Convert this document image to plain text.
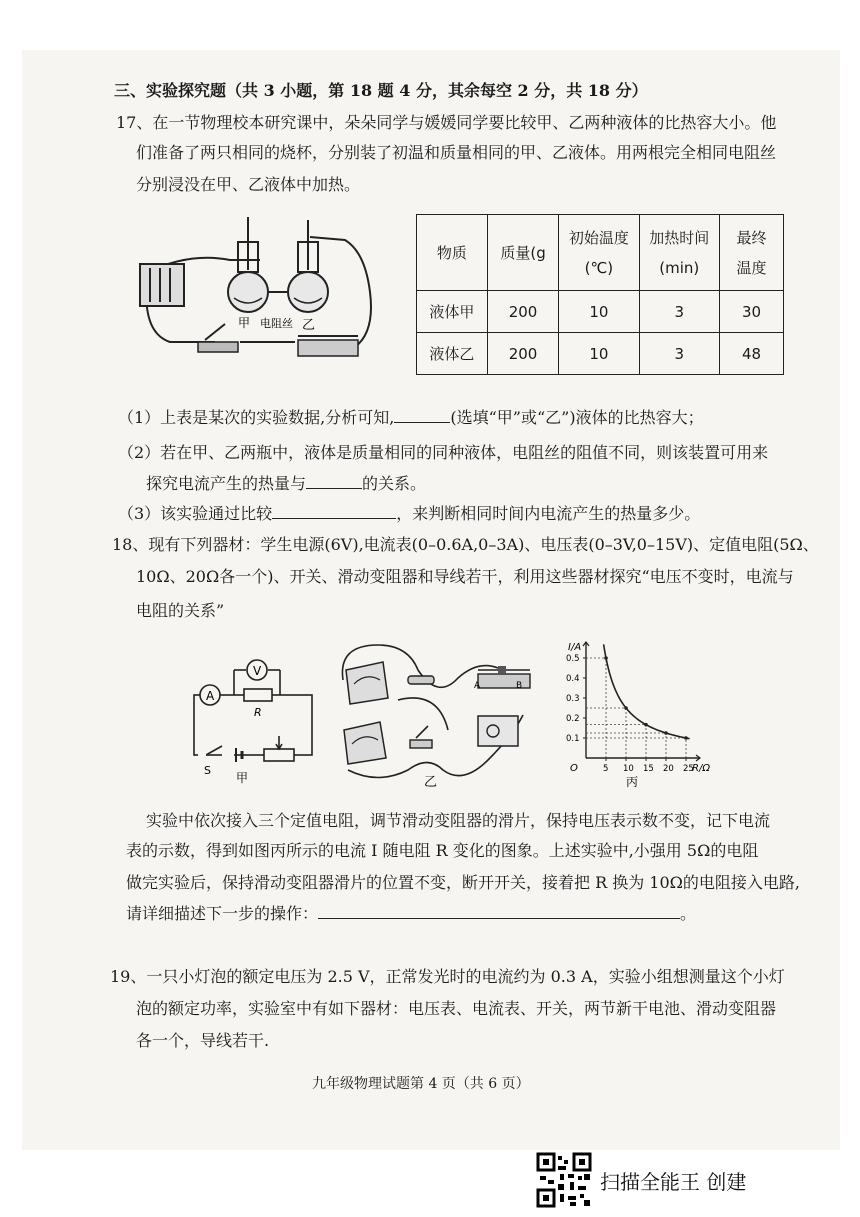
三、实验探究题（共 3 小题，第 18 题 4 分，其余每空 2 分，共 18 分）
17、在一节物理校本研究课中，朵朵同学与媛媛同学要比较甲、乙两种液体的比热容大小。他
们准备了两只相同的烧杯，分别装了初温和质量相同的甲、乙液体。用两根完全相同电阻丝
分别浸没在甲、乙液体中加热。
甲 电阻丝 乙
物质	质量(g	初始温度(℃)	加热时间(min)	最终温度

液体甲	200	10	3	30
液体乙	200	10	3	48
（1）上表是某次的实验数据,分析可知,	(选填“甲”或“乙”)液体的比热容大；
（2）若在甲、乙两瓶中，液体是质量相同的同种液体，电阻丝的阻值不同，则该装置可用来
探究电流产生的热量与	的关系。
（3）该实验通过比较	，来判断相同时间内电流产生的热量多少。
18、现有下列器材：学生电源(6V),电流表(0–0.6A,0–3A)、电压表(0–3V,0–15V)、定值电阻(5Ω、
10Ω、20Ω各一个)、开关、滑动变阻器和导线若干，利用这些器材探究“电压不变时，电流与
电阻的关系”
A
V
R
S
甲
A	B
乙
0.5
0.4
0.3
0.2
0.1
5 10 15 20 25
I/A
R/Ω
O
丙
实验中依次接入三个定值电阻，调节滑动变阻器的滑片，保持电压表示数不变，记下电流
表的示数，得到如图丙所示的电流 I 随电阻 R 变化的图象。上述实验中,小强用 5Ω的电阻
做完实验后，保持滑动变阻器滑片的位置不变，断开开关，接着把 R 换为 10Ω的电阻接入电路,
请详细描述下一步的操作：	。
19、一只小灯泡的额定电压为 2.5 V，正常发光时的电流约为 0.3 A，实验小组想测量这个小灯
泡的额定功率，实验室中有如下器材：电压表、电流表、开关，两节新干电池、滑动变阻器
各一个，导线若干.
九年级物理试题第 4 页（共 6 页）
扫描全能王 创建
